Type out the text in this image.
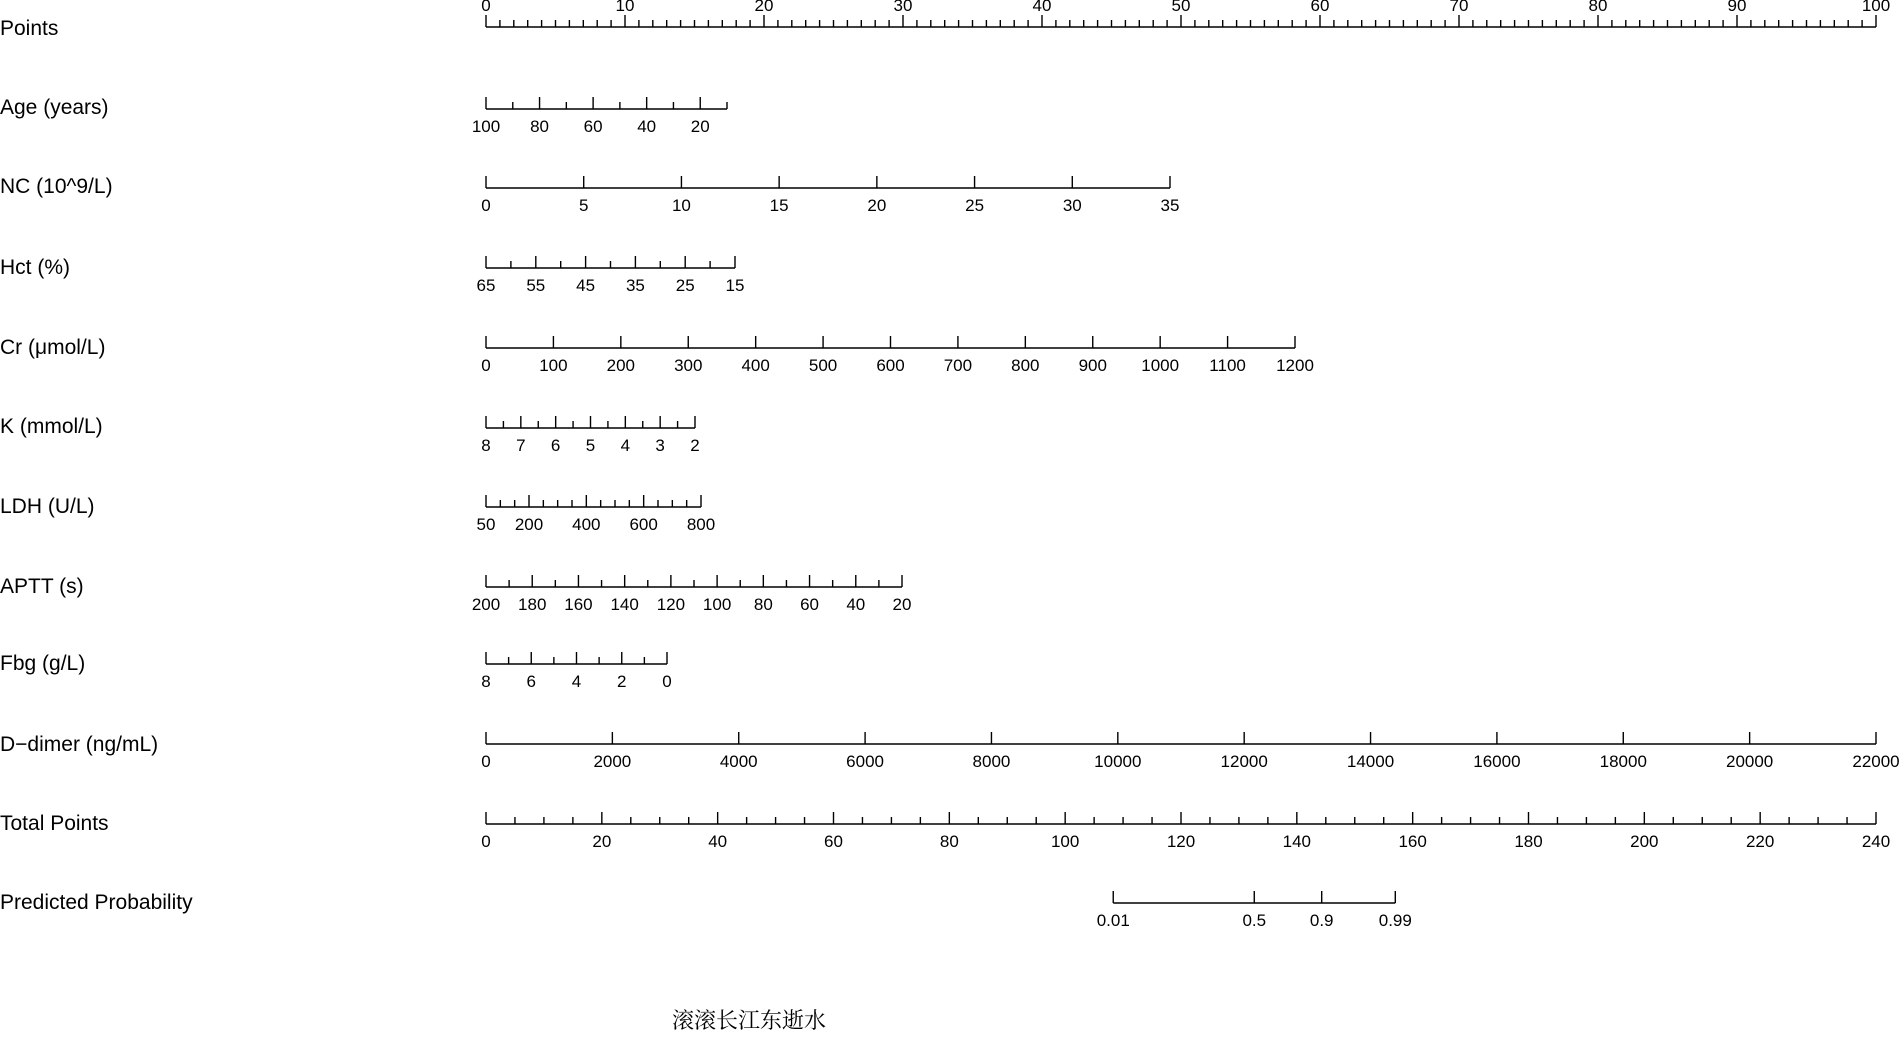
Points
0	10	20	30	40	50	60	70	80	90	100
Age (years)
100 80 60 40 20
NC (10^9/L)
0	5	10	15	20	25	30	35
Hct (%)
65 55 45 35 25 15
Cr (μmol/L)
0	100 200 300 400 500 600 700 800 900 1000 1100 1200
K (mmol/L)
8 7 6 5 4 3 2
LDH (U/L)
50 200 400 600 800
APTT (s)
200 180 160 140 120 100 80 60 40 20
Fbg (g/L)
8 6 4 2 0
D−dimer (ng/mL)
0	2000	4000	6000	8000	10000	12000	14000	16000	18000	20000	22000
Total Points
0	20	40	60	80	100	120	140	160	180	200	220	240
Predicted Probability
0.01	0.5	0.9	0.99
滚滚长江东逝水
